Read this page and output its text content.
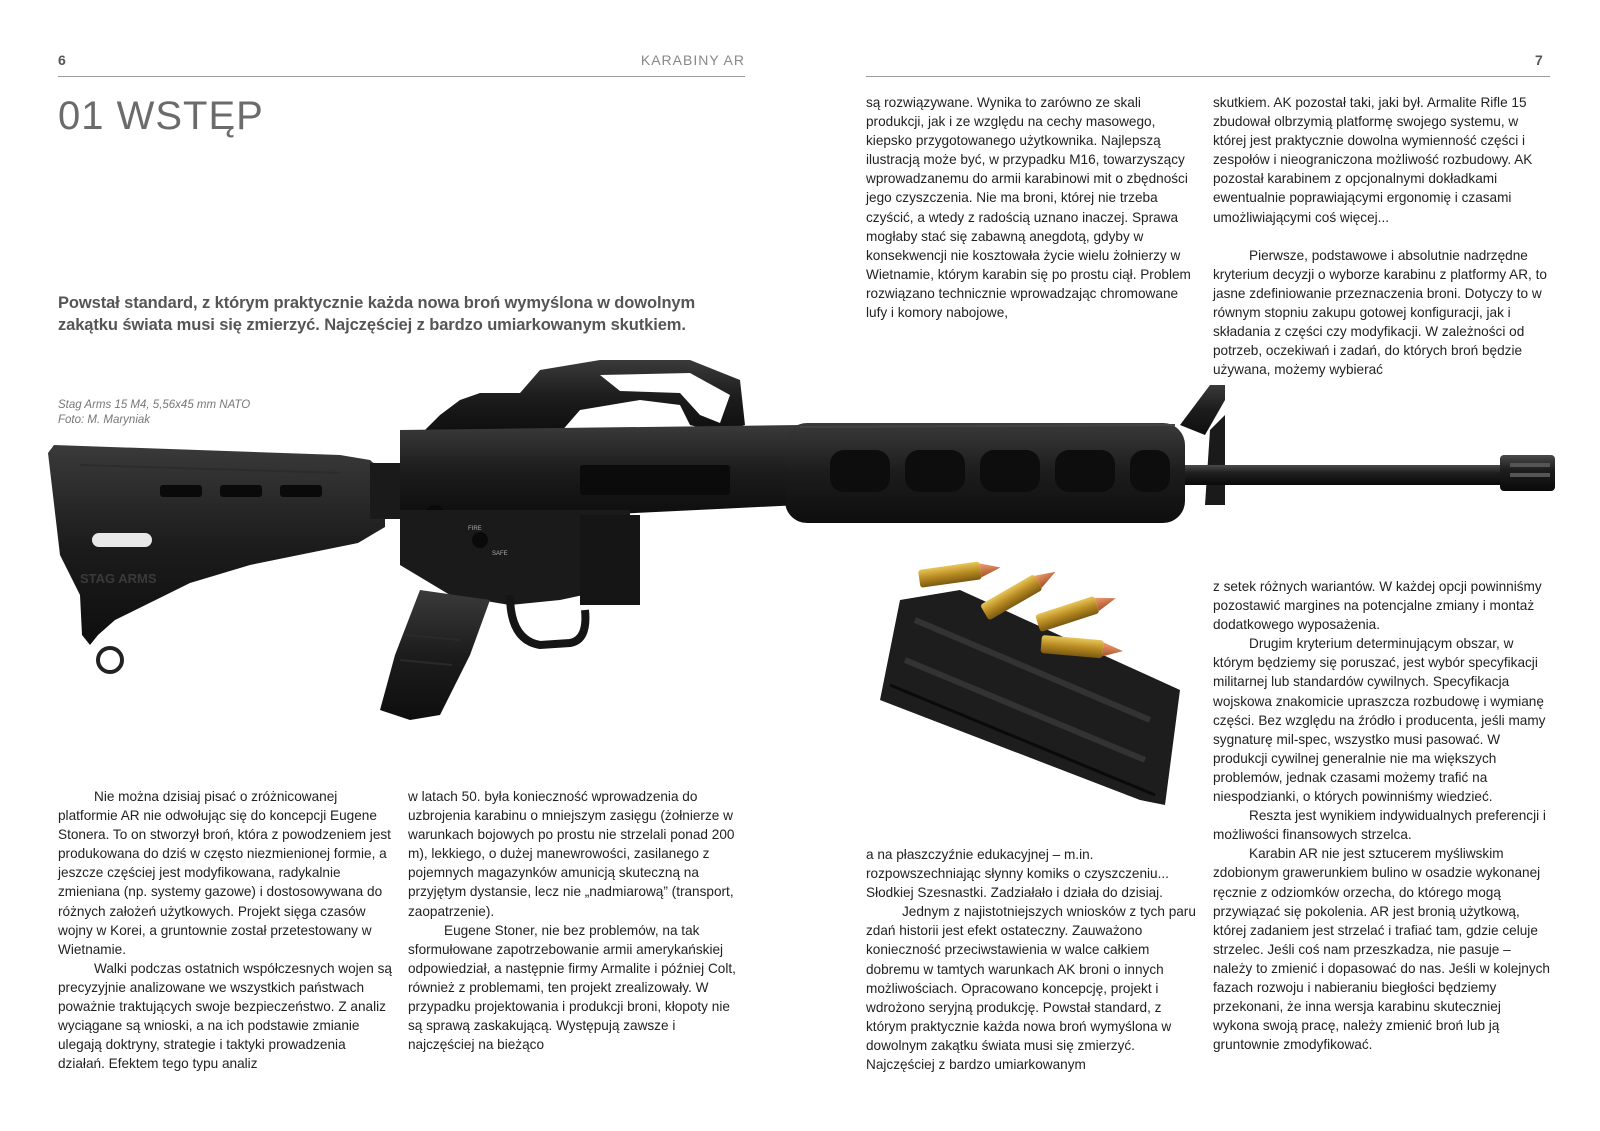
6	KARABINY AR	7
01 WSTĘP
Powstał standard, z którym praktycznie każda nowa broń wymyślona w dowolnym zakątku świata musi się zmierzyć. Najczęściej z bardzo umiarkowanym skutkiem.
Stag Arms 15 M4, 5,56x45 mm NATO
Foto: M. Maryniak
STAG ARMS
FIRE
SAFE

Nie można dzisiaj pisać o zróżnicowanej platformie AR nie odwołując się do koncepcji Eugene Stonera. To on stworzył broń, która z powodzeniem jest produkowana do dziś w często niezmienionej formie, a jeszcze częściej jest modyfikowana, radykalnie zmieniana (np. systemy gazowe) i dostosowywana do różnych założeń użytkowych. Projekt sięga czasów wojny w Korei, a gruntownie został przetestowany w Wietnamie.

Walki podczas ostatnich współczesnych wojen są precyzyjnie analizowane we wszystkich państwach poważnie traktujących swoje bezpieczeństwo. Z analiz wyciągane są wnioski, a na ich podstawie zmianie ulegają doktryny, strategie i taktyki prowadzenia działań. Efektem tego typu analiz

w latach 50. była konieczność wprowadzenia do uzbrojenia karabinu o mniejszym zasięgu (żołnierze w warunkach bojowych po prostu nie strzelali ponad 200 m), lekkiego, o dużej manewrowości, zasilanego z pojemnych magazynków amunicją skuteczną na przyjętym dystansie, lecz nie „nadmiarową” (transport, zaopatrzenie).

Eugene Stoner, nie bez problemów, na tak sformułowane zapotrzebowanie armii amerykańskiej odpowiedział, a następnie firmy Armalite i później Colt, również z problemami, ten projekt zrealizowały. W przypadku projektowania i produkcji broni, kłopoty nie są sprawą zaskakującą. Występują zawsze i najczęściej na bieżąco

są rozwiązywane. Wynika to zarówno ze skali produkcji, jak i ze względu na cechy masowego, kiepsko przygotowanego użytkownika. Najlepszą ilustracją może być, w przypadku M16, towarzyszący wprowadzanemu do armii karabinowi mit o zbędności jego czyszczenia. Nie ma broni, której nie trzeba czyścić, a wtedy z radością uznano inaczej. Sprawa mogłaby stać się zabawną anegdotą, gdyby w konsekwencji nie kosztowała życie wielu żołnierzy w Wietnamie, którym karabin się po prostu ciął. Problem rozwiązano technicznie wprowadzając chromowane lufy i komory nabojowe,

skutkiem. AK pozostał taki, jaki był. Armalite Rifle 15 zbudował olbrzymią platformę swojego systemu, w której jest praktycznie dowolna wymienność części i zespołów i nieograniczona możliwość rozbudowy. AK pozostał karabinem z opcjonalnymi dokładkami ewentualnie poprawiającymi ergonomię i czasami umożliwiającymi coś więcej...

Pierwsze, podstawowe i absolutnie nadrzędne kryterium decyzji o wyborze karabinu z platformy AR, to jasne zdefiniowanie przeznaczenia broni. Dotyczy to w równym stopniu zakupu gotowej konfiguracji, jak i składania z części czy modyfikacji. W zależności od potrzeb, oczekiwań i zadań, do których broń będzie używana, możemy wybierać

z setek różnych wariantów. W każdej opcji powinniśmy pozostawić margines na potencjalne zmiany i montaż dodatkowego wyposażenia.

Drugim kryterium determinującym obszar, w którym będziemy się poruszać, jest wybór specyfikacji militarnej lub standardów cywilnych. Specyfikacja wojskowa znakomicie upraszcza rozbudowę i wymianę części. Bez względu na źródło i producenta, jeśli mamy sygnaturę mil-spec, wszystko musi pasować. W produkcji cywilnej generalnie nie ma większych problemów, jednak czasami możemy trafić na niespodzianki, o których powinniśmy wiedzieć.

Reszta jest wynikiem indywidualnych preferencji i możliwości finansowych strzelca.

Karabin AR nie jest sztucerem myśliwskim zdobionym grawerunkiem bulino w osadzie wykonanej ręcznie z odziomków orzecha, do którego mogą przywiązać się pokolenia. AR jest bronią użytkową, której zadaniem jest strzelać i trafiać tam, gdzie celuje strzelec. Jeśli coś nam przeszkadza, nie pasuje – należy to zmienić i dopasować do nas. Jeśli w kolejnych fazach rozwoju i nabieraniu biegłości będziemy przekonani, że inna wersja karabinu skuteczniej wykona swoją pracę, należy zmienić broń lub ją gruntownie zmodyfikować.

a na płaszczyźnie edukacyjnej – m.in. rozpowszechniając słynny komiks o czyszczeniu... Słodkiej Szesnastki. Zadziałało i działa do dzisiaj.

Jednym z najistotniejszych wniosków z tych paru zdań historii jest efekt ostateczny. Zauważono konieczność przeciwstawienia w walce całkiem dobremu w tamtych warunkach AK broni o innych możliwościach. Opracowano koncepcję, projekt i wdrożono seryjną produkcję. Powstał standard, z którym praktycznie każda nowa broń wymyślona w dowolnym zakątku świata musi się zmierzyć. Najczęściej z bardzo umiarkowanym
